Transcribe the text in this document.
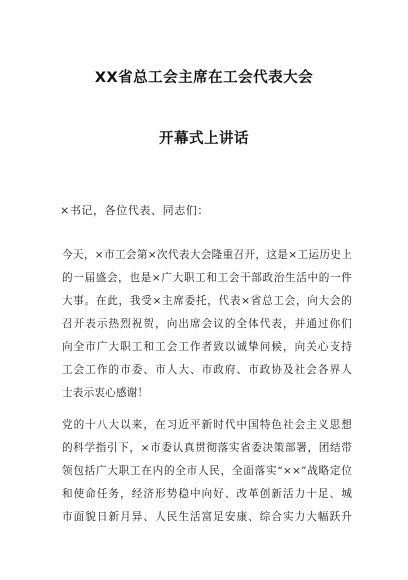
XX省总工会主席在工会代表大会
开幕式上讲话
×书记，各位代表、同志们：
今天，×市工会第×次代表大会隆重召开，这是×工运历史上
的一届盛会，也是×广大职工和工会干部政治生活中的一件
大事。在此，我受×主席委托，代表×省总工会，向大会的
召开表示热烈祝贺，向出席会议的全体代表，并通过你们
向全市广大职工和工会工作者致以诚挚问候，向关心支持
工会工作的市委、市人大、市政府、市政协及社会各界人
士表示衷心感谢！
党的十八大以来，在习近平新时代中国特色社会主义思想
的科学指引下，×市委认真贯彻落实省委决策部署，团结带
领包括广大职工在内的全市人民，全面落实“××”战略定位
和使命任务，经济形势稳中向好、改革创新活力十足、城
市面貌日新月异、人民生活富足安康、综合实力大幅跃升
